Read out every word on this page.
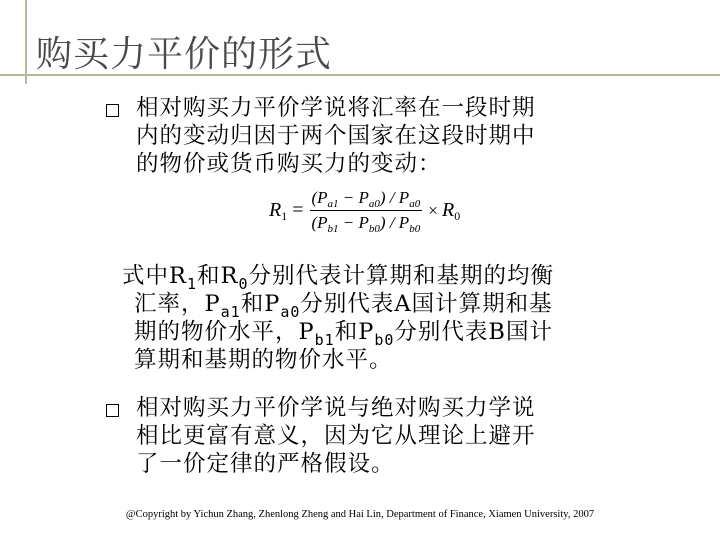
购买力平价的形式
相对购买力平价学说将汇率在一段时期
内的变动归因于两个国家在这段时期中
的物价或货币购买力的变动：
$R_1$ =	$(P_{a1} - P_{a0}) / P_{a0}$	× $R_0$
$(P_{b1} - P_{b0}) / P_{b0}$
式中$R_1$和$R_0$分别代表计算期和基期的均衡
汇率，$P_{a1}$和$P_{a0}$分别代表A国计算期和基
期的物价水平，$P_{b1}$和$P_{b0}$分别代表B国计
算期和基期的物价水平。
相对购买力平价学说与绝对购买力学说
相比更富有意义，因为它从理论上避开
了一价定律的严格假设。
@Copyright by Yichun Zhang, Zhenlong Zheng and Hai Lin, Department of Finance, Xiamen University, 2007
